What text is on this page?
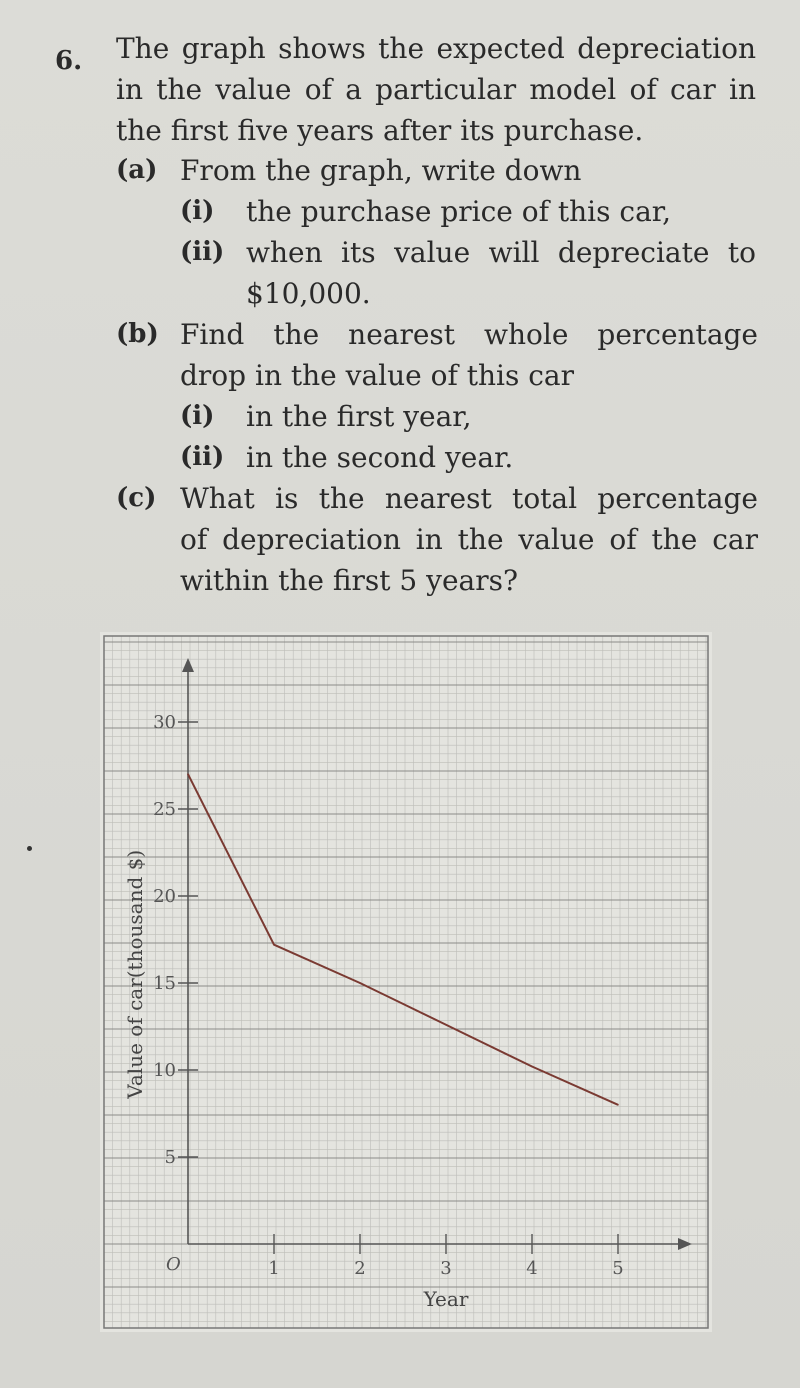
6. The graph shows the expected depreciation
in the value of a particular model of car in
the first five years after its purchase.
(a) From the graph, write down
(i) the purchase price of this car,
(ii) when its value will depreciate to
$10,000.
(b) Find the nearest whole percentage
drop in the value of this car
(i) in the first year,
(ii) in the second year.
(c) What is the nearest total percentage
of depreciation in the value of the car
within the first 5 years?
5
10
15
20
25
30
1	2	3	4	5
O
Year
Value of car(thousand $)
